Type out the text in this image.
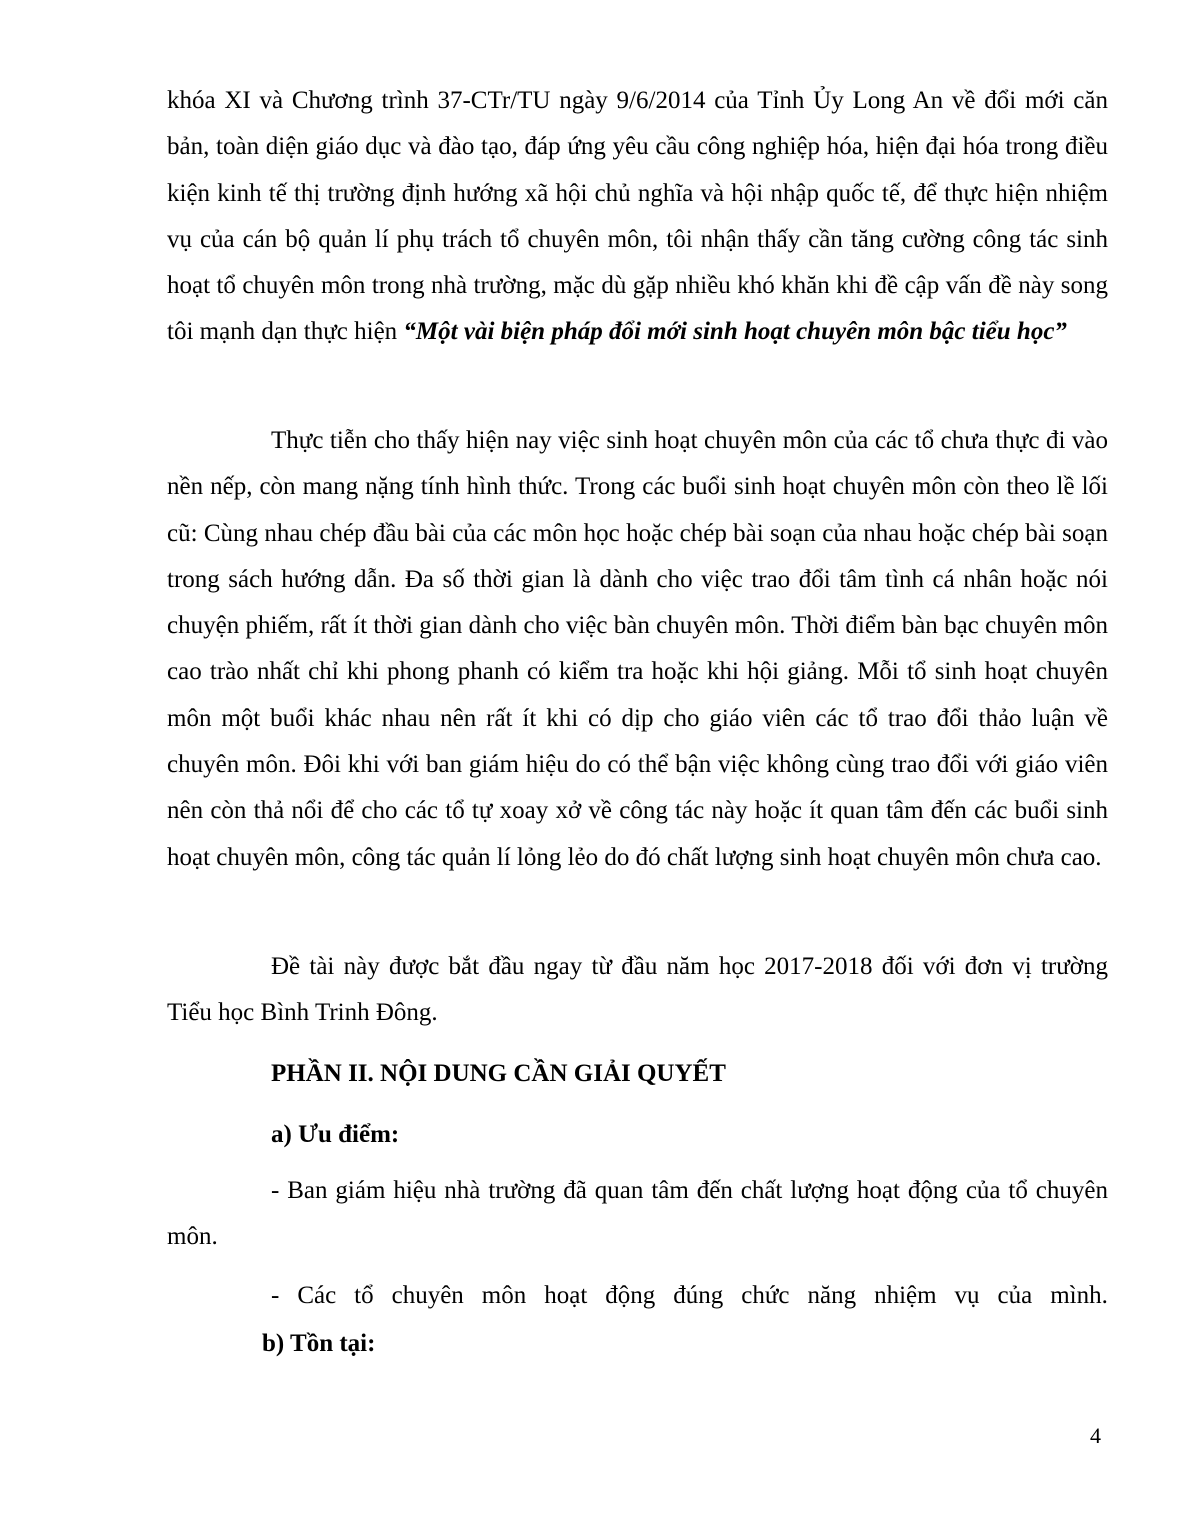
khóa XI và Chương trình 37-CTr/TU ngày 9/6/2014 của Tỉnh Ủy Long An về đổi mới căn bản, toàn diện giáo dục và đào tạo, đáp ứng yêu cầu công nghiệp hóa, hiện đại hóa trong điều kiện kinh tế thị trường định hướng xã hội chủ nghĩa và hội nhập quốc tế, để thực hiện nhiệm vụ của cán bộ quản lí phụ trách tổ chuyên môn, tôi nhận thấy cần tăng cường công tác sinh hoạt tổ chuyên môn trong nhà trường, mặc dù gặp nhiều khó khăn khi đề cập vấn đề này song tôi mạnh dạn thực hiện “Một vài biện pháp đổi mới sinh hoạt chuyên môn bậc tiểu học”

Thực tiễn cho thấy hiện nay việc sinh hoạt chuyên môn của các tổ chưa thực đi vào nền nếp, còn mang nặng tính hình thức. Trong các buổi sinh hoạt chuyên môn còn theo lề lối cũ: Cùng nhau chép đầu bài của các môn học hoặc chép bài soạn của nhau hoặc chép bài soạn trong sách hướng dẫn. Đa số thời gian là dành cho việc trao đổi tâm tình cá nhân hoặc nói chuyện phiếm, rất ít thời gian dành cho việc bàn chuyên môn. Thời điểm bàn bạc chuyên môn cao trào nhất chỉ khi phong phanh có kiểm tra hoặc khi hội giảng. Mỗi tổ sinh hoạt chuyên môn một buổi khác nhau nên rất ít khi có dịp cho giáo viên các tổ trao đổi thảo luận về chuyên môn. Đôi khi với ban giám hiệu do có thể bận việc không cùng trao đổi với giáo viên nên còn thả nổi để cho các tổ tự xoay xở về công tác này hoặc ít quan tâm đến các buổi sinh hoạt chuyên môn, công tác quản lí lỏng lẻo do đó chất lượng sinh hoạt chuyên môn chưa cao.

Đề tài này được bắt đầu ngay từ đầu năm học 2017-2018 đối với đơn vị trường Tiểu học Bình Trinh Đông.

PHẦN II. NỘI DUNG CẦN GIẢI QUYẾT

a) Ưu điểm:

- Ban giám hiệu nhà trường đã quan tâm đến chất lượng hoạt động của tổ chuyên môn.

- Các tổ chuyên môn hoạt động đúng chức năng nhiệm vụ của mình.

b) Tồn tại:

4
